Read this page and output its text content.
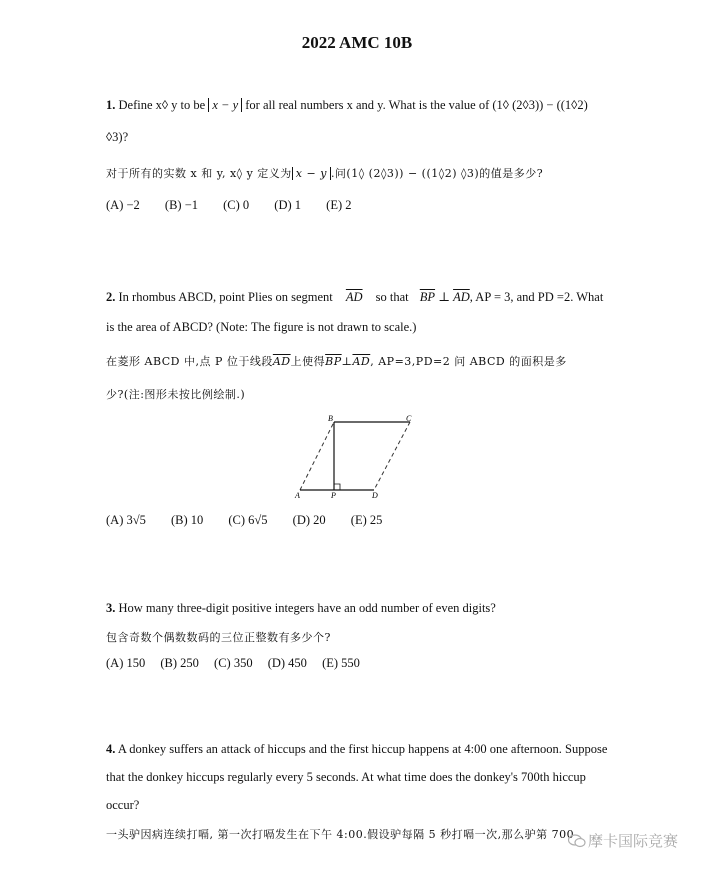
2022 AMC 10B
1. Define x◊ y to be x − y for all real numbers x and y. What is the value of (1◊ (2◊3)) − ((1◊2)
◊3)?
对于所有的实数 x 和 y, x◊ y 定义为 x − y .问(1◊ (2◊3)) − ((1◊2) ◊3)的值是多少?
(A) −2 (B) −1 (C) 0 (D) 1 (E) 2
2. In rhombus ABCD, point Plies on segment $\overline{AD}$ so that $\overline{BP}$ ⊥ $\overline{AD}$, AP = 3, and PD =2. What
is the area of ABCD? (Note: The figure is not drawn to scale.)
在菱形 ABCD 中,点 P 位于线段$\overline{AD}$上使得$\overline{BP}\perp\overline{AD}$, AP=3,PD=2 问 ABCD 的面积是多
少?(注:图形未按比例绘制.)
B	C
A	P	D
(A) 3√5 (B) 10 (C) 6√5 (D) 20 (E) 25
3. How many three-digit positive integers have an odd number of even digits?
包含奇数个偶数数码的三位正整数有多少个?
(A) 150 (B) 250 (C) 350 (D) 450 (E) 550
4. A donkey suffers an attack of hiccups and the first hiccup happens at 4:00 one afternoon. Suppose
that the donkey hiccups regularly every 5 seconds. At what time does the donkey's 700th hiccup
occur?
一头驴因病连续打嗝, 第一次打嗝发生在下午 4:00.假设驴每隔 5 秒打嗝一次,那么驴第 700 摩卡国际竞赛
